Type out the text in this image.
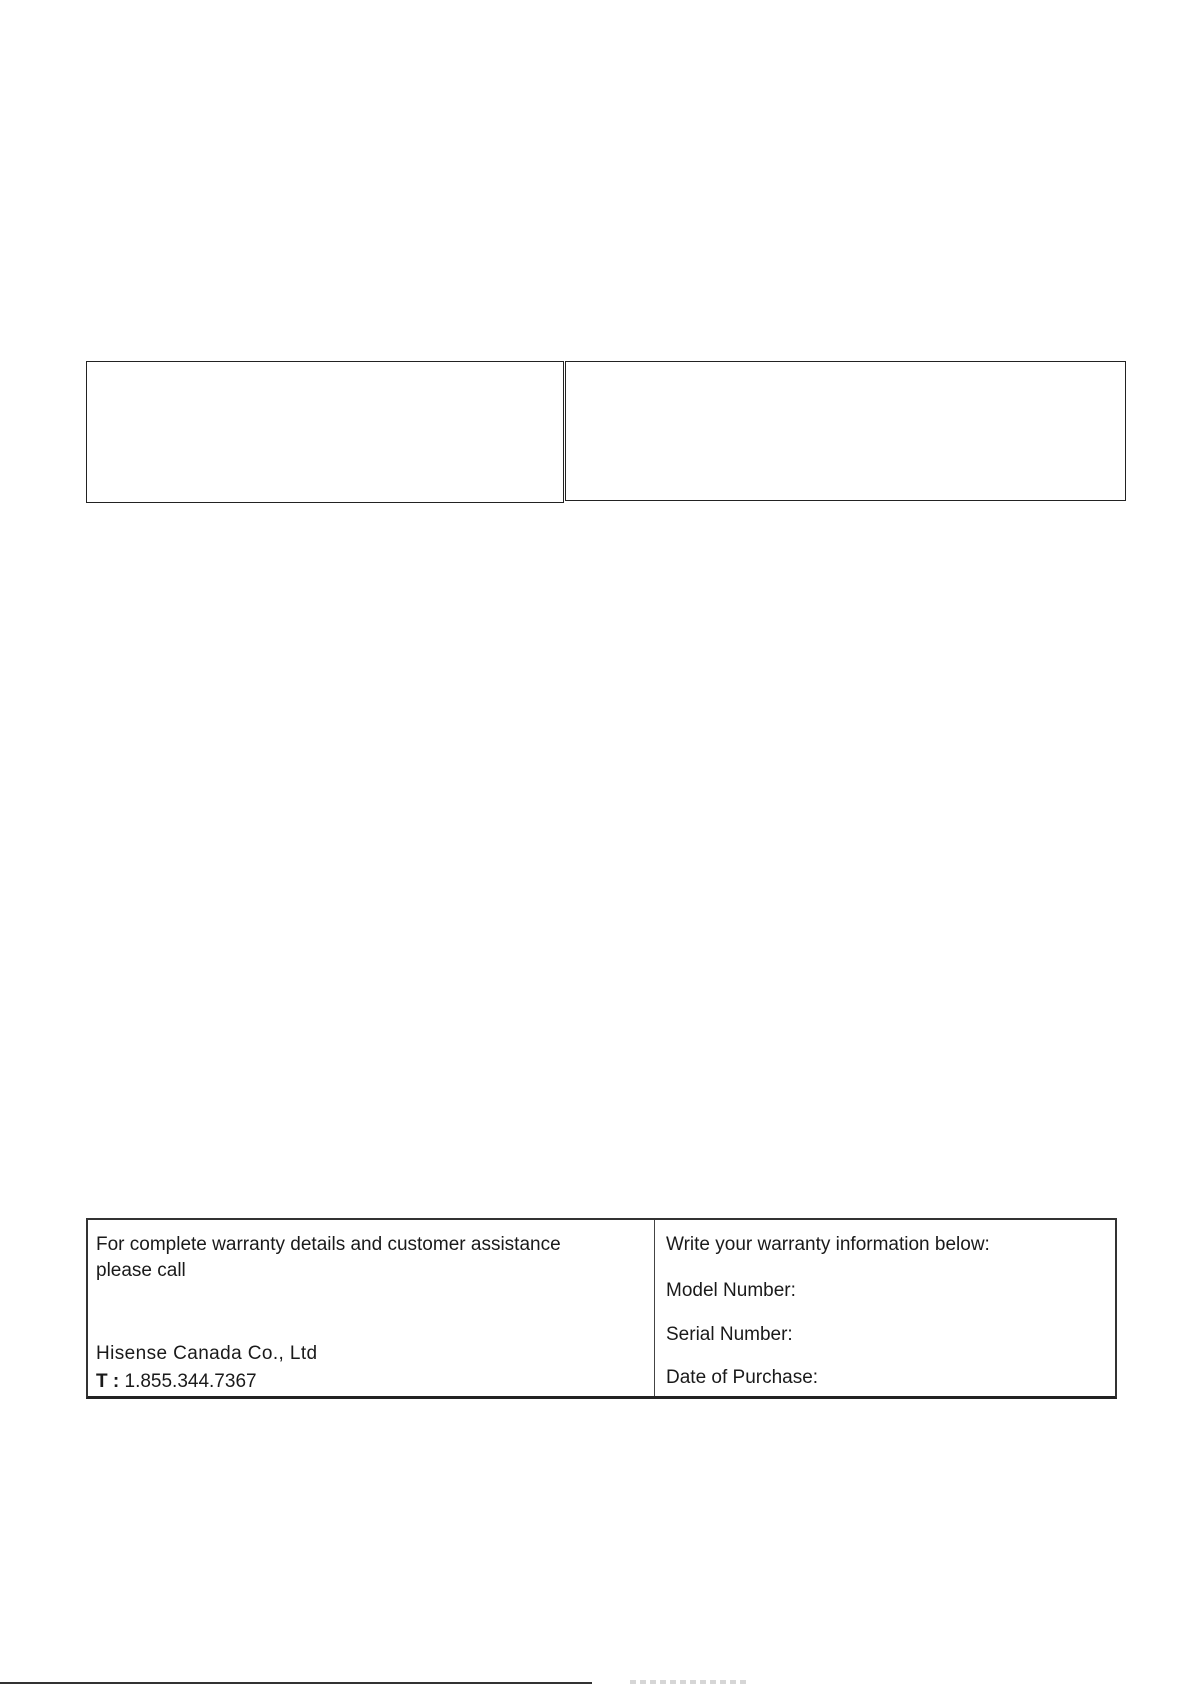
For complete warranty details and customer assistance please call
Hisense Canada Co., Ltd
T : 1.855.344.7367
Write your warranty information below:
Model Number:
Serial Number:
Date of Purchase:
